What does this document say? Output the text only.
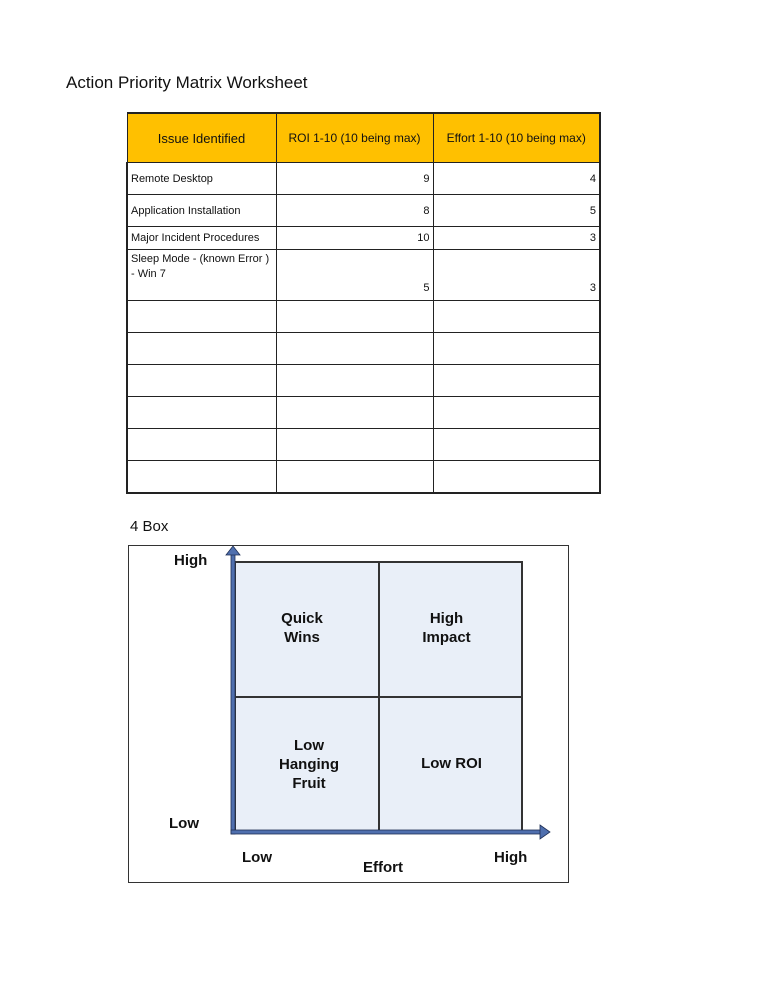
Action Priority Matrix Worksheet
Issue Identified	ROI 1-10 (10 being max)	Effort 1-10 (10 being max)
Remote Desktop	9	4
Application Installation	8	5
Major Incident Procedures	10	3
Sleep Mode - (known Error ) - Win 7	5	3

4 Box
Quick Wins
High Impact
Low Hanging Fruit
Low ROI
High
Low
Low	High
Effort
